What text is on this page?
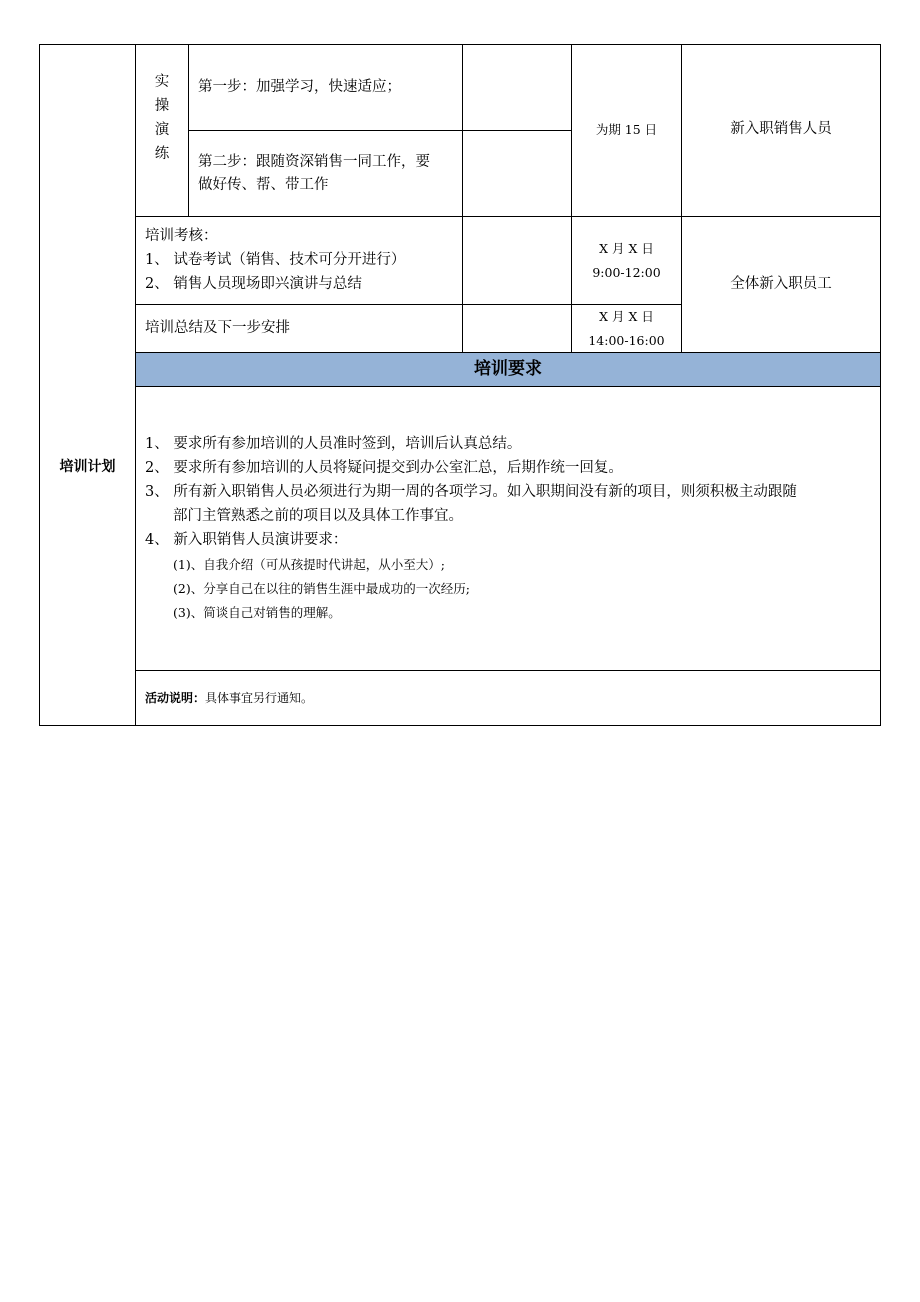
培训计划
实
操
演
练
第一步：加强学习，快速适应；
第二步：跟随资深销售一同工作，要
做好传、帮、带工作
为期 15 日	新入职销售人员
培训考核：
1、 试卷考试（销售、技术可分开进行）
2、 销售人员现场即兴演讲与总结
X 月 X 日
9:00-12:00
全体新入职员工
培训总结及下一步安排
X 月 X 日
14:00-16:00
培训要求
1、 要求所有参加培训的人员准时签到，培训后认真总结。
2、 要求所有参加培训的人员将疑问提交到办公室汇总，后期作统一回复。
3、 所有新入职销售人员必须进行为期一周的各项学习。如入职期间没有新的项目，则须积极主动跟随
部门主管熟悉之前的项目以及具体工作事宜。
4、 新入职销售人员演讲要求：
(1)、自我介绍（可从孩提时代讲起，从小至大）;
(2)、分享自己在以往的销售生涯中最成功的一次经历;
(3)、简谈自己对销售的理解。
活动说明：具体事宜另行通知。
